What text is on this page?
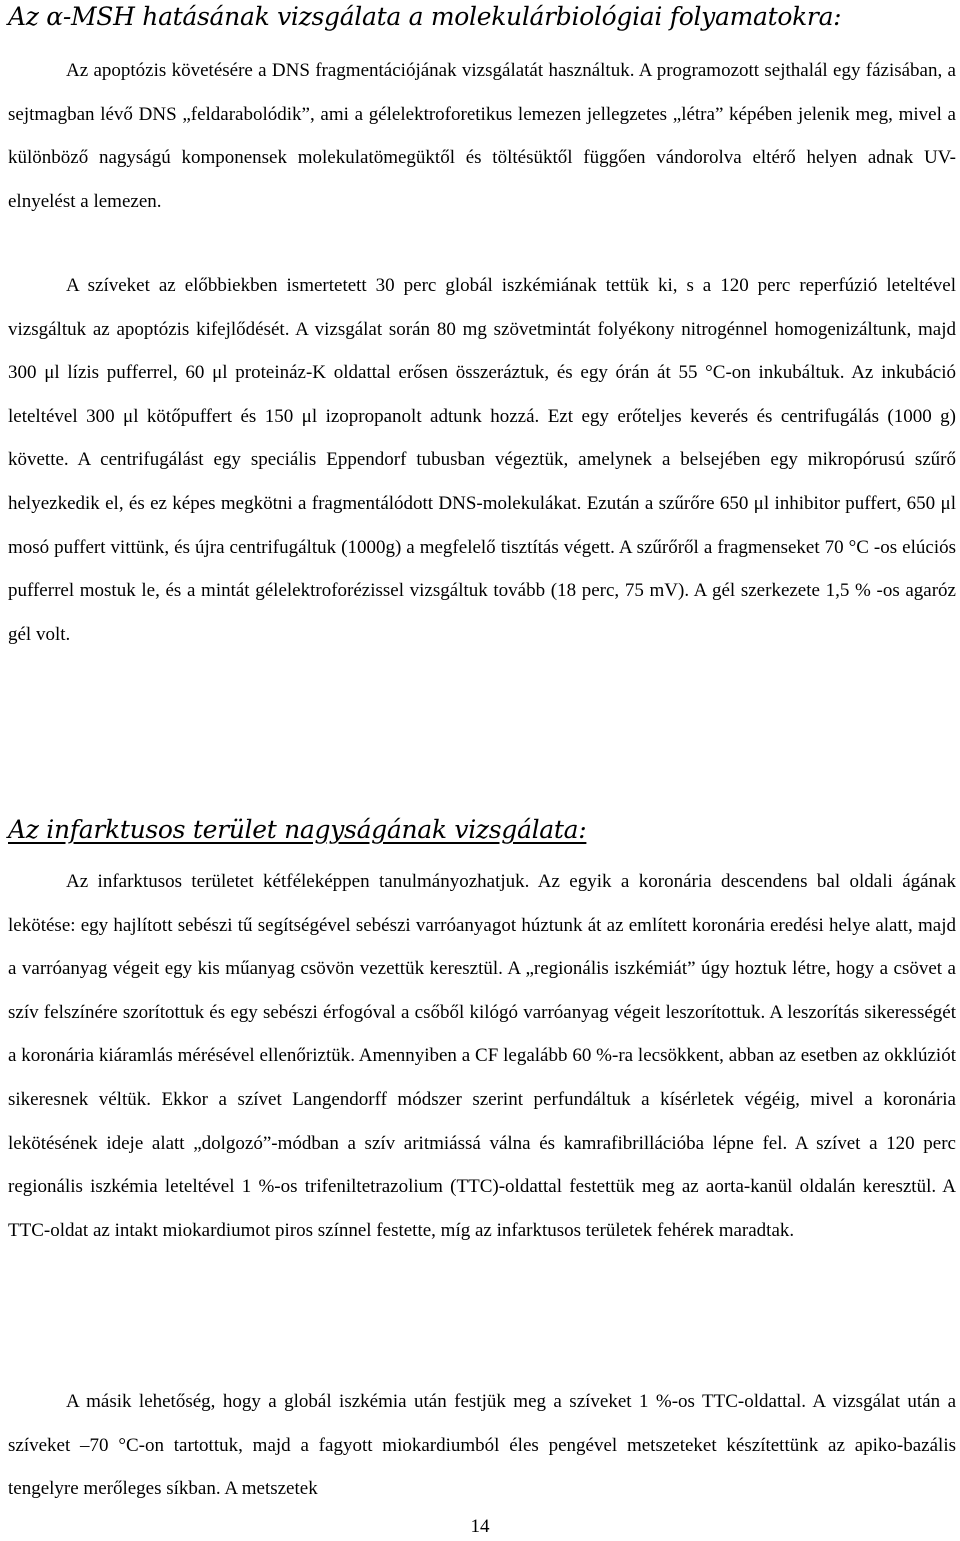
Az α-MSH hatásának vizsgálata a molekulárbiológiai folyamatokra:

Az apoptózis követésére a DNS fragmentációjának vizsgálatát használtuk. A programozott sejthalál egy fázisában, a sejtmagban lévő DNS „feldarabolódik”, ami a gélelektroforetikus lemezen jellegzetes „létra” képében jelenik meg, mivel a különböző nagyságú komponensek molekulatömegüktől és töltésüktől függően vándorolva eltérő helyen adnak UV-elnyelést a lemezen.

A szíveket az előbbiekben ismertetett 30 perc globál iszkémiának tettük ki, s a 120 perc reperfúzió leteltével vizsgáltuk az apoptózis kifejlődését. A vizsgálat során 80 mg szövetmintát folyékony nitrogénnel homogenizáltunk, majd 300 μl lízis pufferrel, 60 μl proteináz-K oldattal erősen összeráztuk, és egy órán át 55 °C-on inkubáltuk. Az inkubáció leteltével 300 μl kötőpuffert és 150 μl izopropanolt adtunk hozzá. Ezt egy erőteljes keverés és centrifugálás (1000 g) követte. A centrifugálást egy speciális Eppendorf tubusban végeztük, amelynek a belsejében egy mikropórusú szűrő helyezkedik el, és ez képes megkötni a fragmentálódott DNS-molekulákat. Ezután a szűrőre 650 μl inhibitor puffert, 650 μl mosó puffert vittünk, és újra centrifugáltuk (1000g) a megfelelő tisztítás végett. A szűrőről a fragmenseket 70 °C -os elúciós pufferrel mostuk le, és a mintát gélelektroforézissel vizsgáltuk tovább (18 perc, 75 mV). A gél szerkezete 1,5 % -os agaróz gél volt.

Az infarktusos terület nagyságának vizsgálata:

Az infarktusos területet kétféleképpen tanulmányozhatjuk. Az egyik a koronária descendens bal oldali ágának lekötése: egy hajlított sebészi tű segítségével sebészi varróanyagot húztunk át az említett koronária eredési helye alatt, majd a varróanyag végeit egy kis műanyag csövön vezettük keresztül. A „regionális iszkémiát” úgy hoztuk létre, hogy a csövet a szív felszínére szorítottuk és egy sebészi érfogóval a csőből kilógó varróanyag végeit leszorítottuk. A leszorítás sikerességét a koronária kiáramlás mérésével ellenőriztük. Amennyiben a CF legalább 60 %-ra lecsökkent, abban az esetben az okklúziót sikeresnek véltük. Ekkor a szívet Langendorff módszer szerint perfundáltuk a kísérletek végéig, mivel a koronária lekötésének ideje alatt „dolgozó”-módban a szív aritmiássá válna és kamrafibrillációba lépne fel. A szívet a 120 perc regionális iszkémia leteltével 1 %-os trifeniltetrazolium (TTC)-oldattal festettük meg az aorta-kanül oldalán keresztül. A TTC-oldat az intakt miokardiumot piros színnel festette, míg az infarktusos területek fehérek maradtak.

A másik lehetőség, hogy a globál iszkémia után festjük meg a szíveket 1 %-os TTC-oldattal. A vizsgálat után a szíveket –70 °C-on tartottuk, majd a fagyott miokardiumból éles pengével metszeteket készítettünk az apiko-bazális tengelyre merőleges síkban. A metszetek

14
